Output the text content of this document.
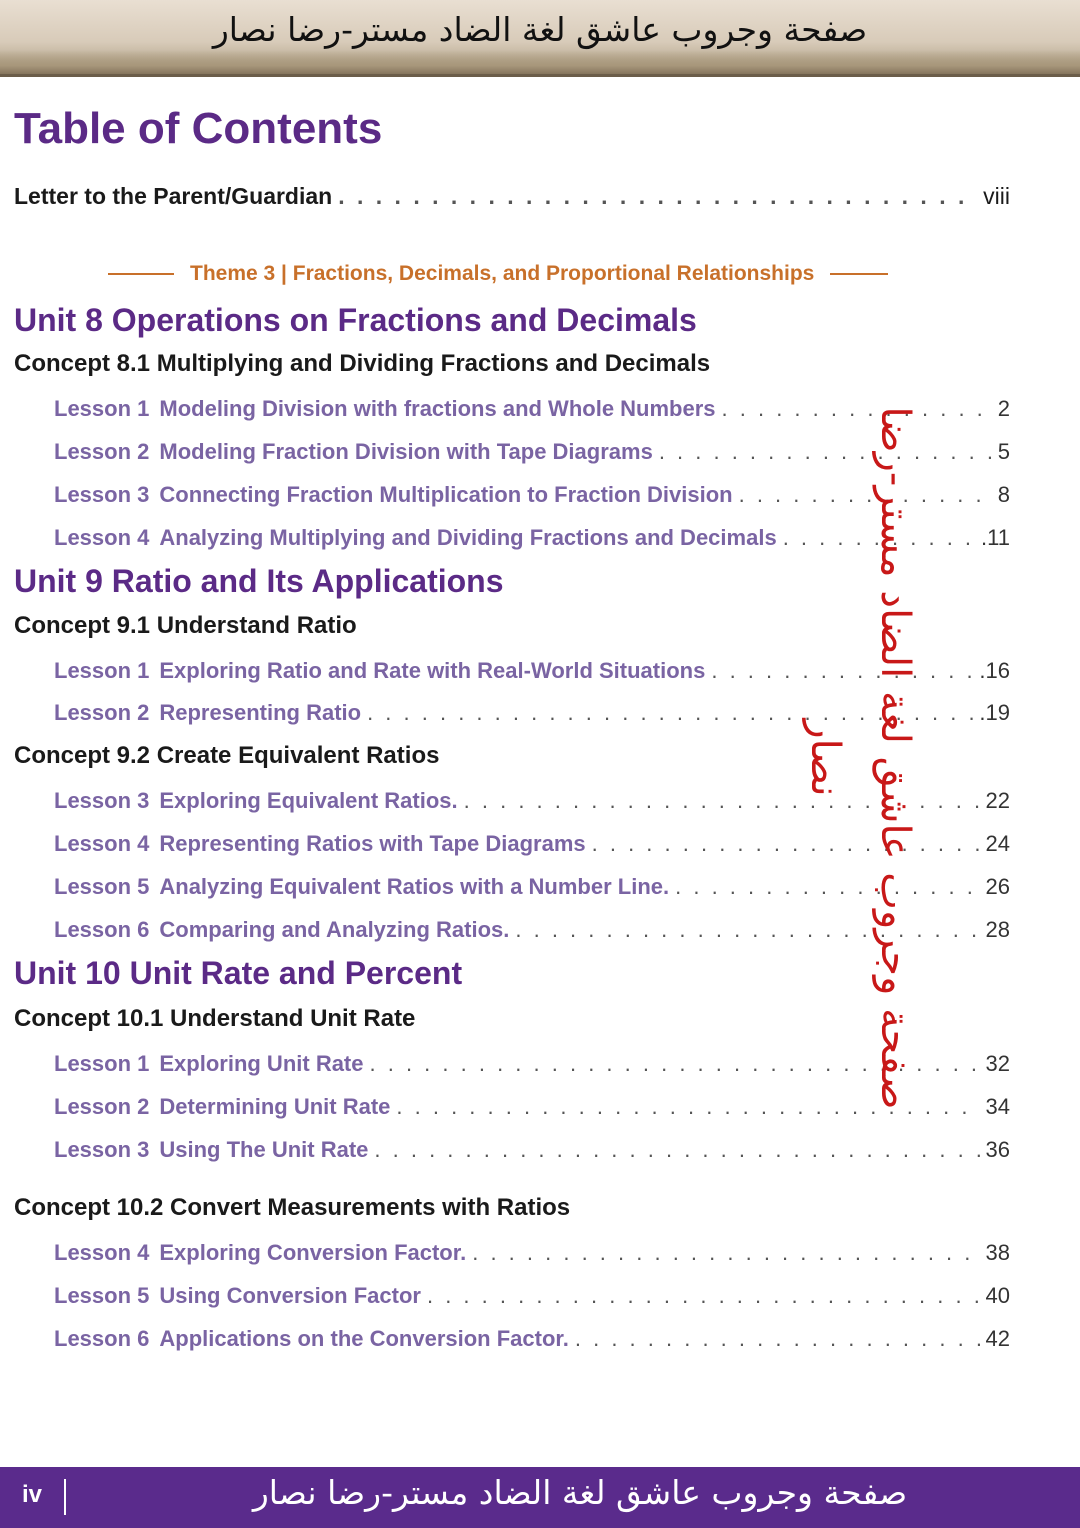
صفحة وجروب عاشق لغة الضاد مستر-رضا نصار
Table of Contents
Letter to the Parent/Guardian . . .	viii
Theme 3 | Fractions, Decimals, and Proportional Relationships
Unit 8 Operations on Fractions and Decimals
Concept 8.1 Multiplying and Dividing Fractions and Decimals
Lesson 1 Modeling Division with fractions and Whole Numbers . . .	2
Lesson 2 Modeling Fraction Division with Tape Diagrams . . .	5
Lesson 3 Connecting Fraction Multiplication to Fraction Division . . .	8
Lesson 4 Analyzing Multiplying and Dividing Fractions and Decimals . . .	.11
Unit 9 Ratio and Its Applications
Concept 9.1 Understand Ratio
Lesson 1 Exploring Ratio and Rate with Real-World Situations . . .	.16
Lesson 2 Representing Ratio . . .	.19
Concept 9.2 Create Equivalent Ratios
Lesson 3 Exploring Equivalent Ratios. . . .	22
Lesson 4 Representing Ratios with Tape Diagrams . . .	24
Lesson 5 Analyzing Equivalent Ratios with a Number Line. . . .	26
Lesson 6 Comparing and Analyzing Ratios. . . .	28
Unit 10 Unit Rate and Percent
Concept 10.1 Understand Unit Rate
Lesson 1 Exploring Unit Rate . . .	32
Lesson 2 Determining Unit Rate . . .	34
Lesson 3 Using The Unit Rate . . .	36
Concept 10.2 Convert Measurements with Ratios
Lesson 4 Exploring Conversion Factor. . . .	38
Lesson 5 Using Conversion Factor . . .	40
Lesson 6 Applications on the Conversion Factor. . . .	42
صفحة وجروب عاشق لغة الضاد مستر-رضا نصار
iv	صفحة وجروب عاشق لغة الضاد مستر-رضا نصار
